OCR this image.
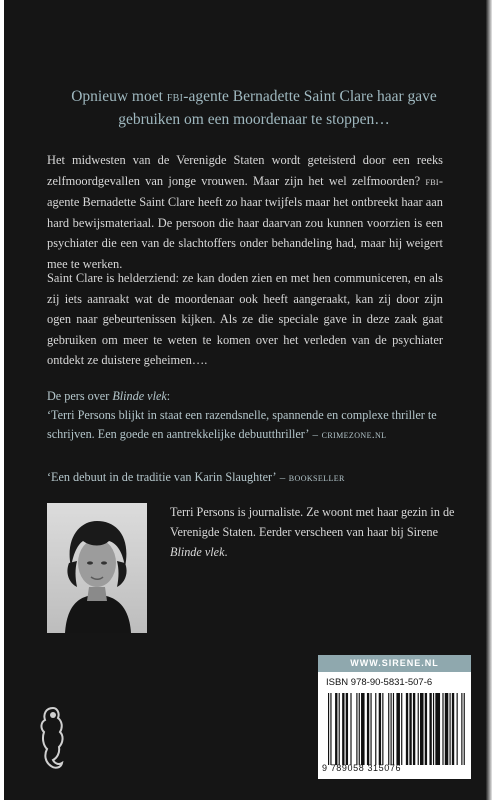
Opnieuw moet fbi-agente Bernadette Saint Clare haar gave gebruiken om een moordenaar te stoppen…

Het midwesten van de Verenigde Staten wordt geteisterd door een reeks zelfmoordgevallen van jonge vrouwen. Maar zijn het wel zelfmoorden? fbi-agente Bernadette Saint Clare heeft zo haar twijfels maar het ontbreekt haar aan hard bewijsmateriaal. De persoon die haar daarvan zou kunnen voorzien is een psychiater die een van de slachtoffers onder behandeling had, maar hij weigert mee te werken.

Saint Clare is helderziend: ze kan doden zien en met hen communiceren, en als zij iets aanraakt wat de moordenaar ook heeft aangeraakt, kan zij door zijn ogen naar gebeurtenissen kijken. Als ze die speciale gave in deze zaak gaat gebruiken om meer te weten te komen over het verleden van de psychiater ontdekt ze duistere geheimen….

De pers over Blinde vlek:
‘Terri Persons blijkt in staat een razendsnelle, spannende en complexe thriller te schrijven. Een goede en aantrekkelijke debuutthriller’ – crimezone.nl

‘Een debuut in de traditie van Karin Slaughter’ – bookseller

Terri Persons is journaliste. Ze woont met haar gezin in de Verenigde Staten. Eerder verscheen van haar bij Sirene Blinde vlek.

WWW.SIRENE.NL
ISBN 978-90-5831-507-6
9 789058 315076
